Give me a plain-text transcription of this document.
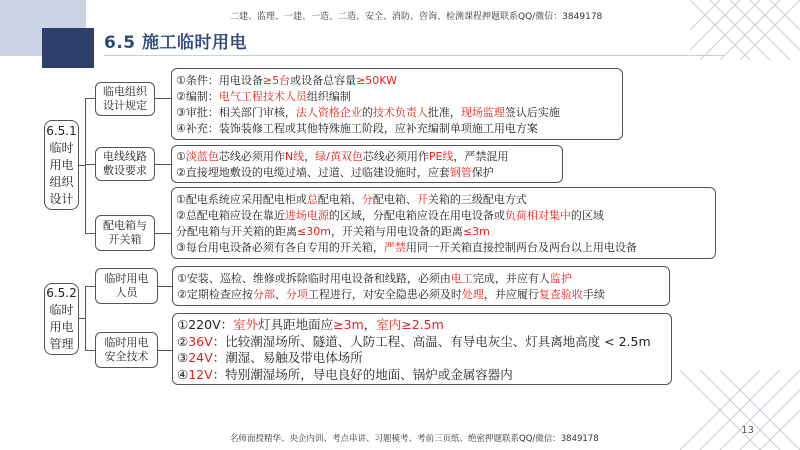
二建、监理、一建、一造、二造、安全、消防、咨询、检测课程押题联系QQ/微信：3849178
6.5 施工临时用电
6.5.1
临时
用电
组织
设计
临电组织
设计规定
电线线路
敷设要求
配电箱与
开关箱
①条件：用电设备≥5台或设备总容量≥50KW
②编制：电气工程技术人员组织编制
③审批：相关部门审核，法人资格企业的技术负责人批准，现场监理签认后实施
④补充：装饰装修工程或其他特殊施工阶段，应补充编制单项施工用电方案
①淡蓝色芯线必须用作N线，绿/黄双色芯线必须用作PE线，严禁混用
②直接埋地敷设的电缆过墙、过道、过临建设施时，应套钢管保护
①配电系统应采用配电柜或总配电箱、分配电箱、开关箱的三级配电方式
②总配电箱应设在靠近进场电源的区域，分配电箱应设在用电设备或负荷相对集中的区域
分配电箱与开关箱的距离≤30m，开关箱与用电设备的距离≤3m
③每台用电设备必须有各自专用的开关箱，严禁用同一开关箱直接控制两台及两台以上用电设备
6.5.2
临时
用电
管理
临时用电
人员
临时用电
安全技术
①安装、巡检、维修或拆除临时用电设备和线路，必须由电工完成，并应有人监护
②定期检查应按分部、分项工程进行，对安全隐患必须及时处理，并应履行复查验收手续
①220V：室外灯具距地面应≥3m，室内≥2.5m
②36V：比较潮湿场所、隧道、人防工程、高温、有导电灰尘、灯具离地高度 < 2.5m
③24V：潮湿、易触及带电体场所
④12V：特别潮湿场所，导电良好的地面、锅炉或金属容器内
13
名师面授精华、央企内训、考点串讲、习题模考、考前三页纸、绝密押题联系QQ/微信：3849178
